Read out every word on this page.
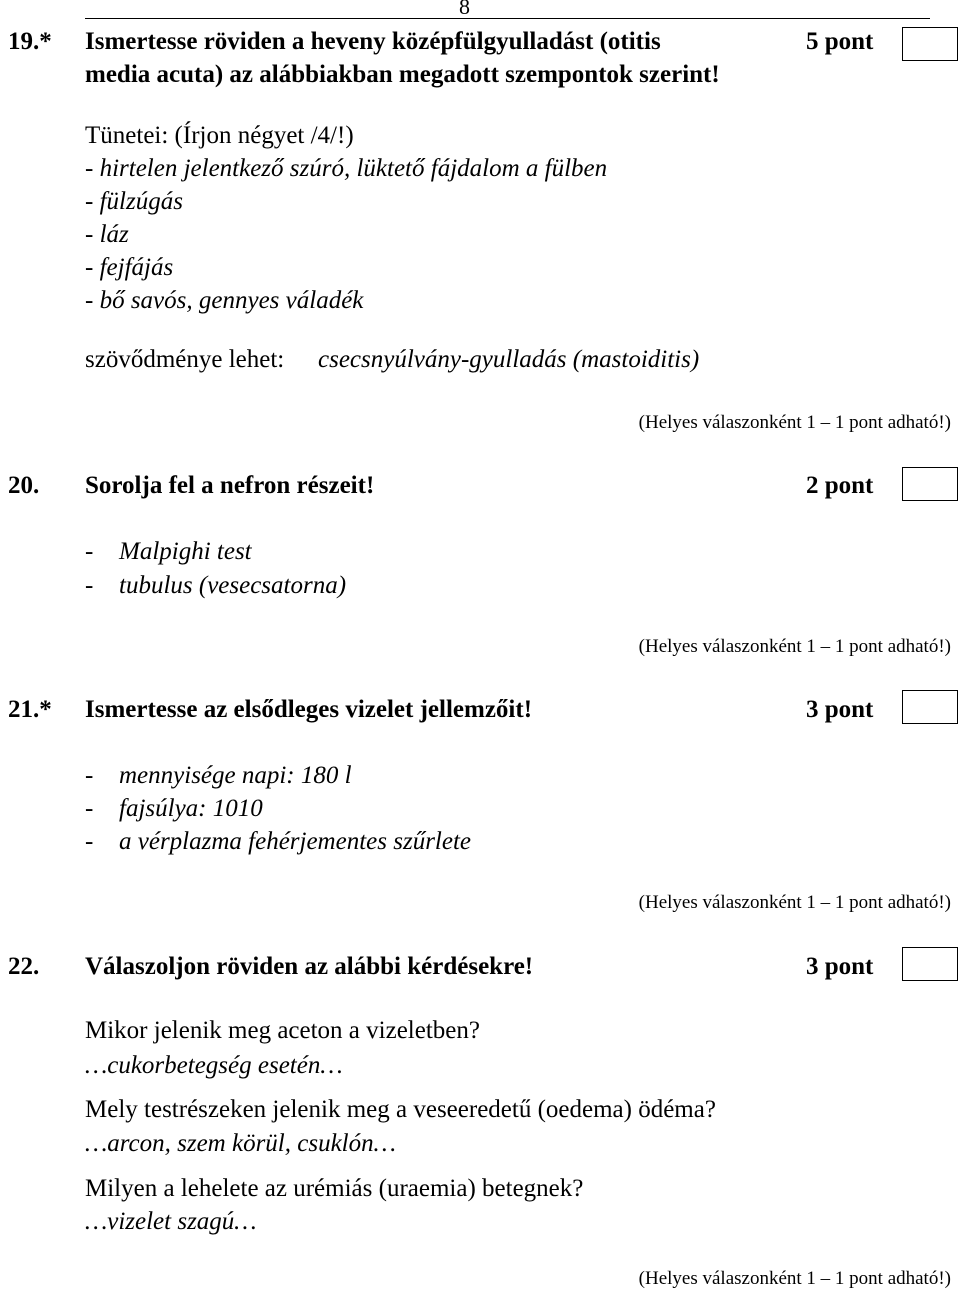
8
19.* Ismertesse röviden a heveny középfülgyulladást (otitis	5 pont
media acuta) az alábbiakban megadott szempontok szerint!
Tünetei: (Írjon négyet /4/!)
- hirtelen jelentkező szúró, lüktető fájdalom a fülben
- fülzúgás
- láz
- fejfájás
- bő savós, gennyes váladék
szövődménye lehet: csecsnyúlvány-gyulladás (mastoiditis)
(Helyes válaszonként 1 – 1 pont adható!)
20. Sorolja fel a nefron részeit!	2 pont
- Malpighi test
- tubulus (vesecsatorna)
(Helyes válaszonként 1 – 1 pont adható!)
21.* Ismertesse az elsődleges vizelet jellemzőit!	3 pont
- mennyisége napi: 180 l
- fajsúlya: 1010
- a vérplazma fehérjementes szűrlete
(Helyes válaszonként 1 – 1 pont adható!)
22. Válaszoljon röviden az alábbi kérdésekre!	3 pont
Mikor jelenik meg aceton a vizeletben?
…cukorbetegség esetén…
Mely testrészeken jelenik meg a veseeredetű (oedema) ödéma?
…arcon, szem körül, csuklón…
Milyen a lehelete az urémiás (uraemia) betegnek?
…vizelet szagú…
(Helyes válaszonként 1 – 1 pont adható!)
